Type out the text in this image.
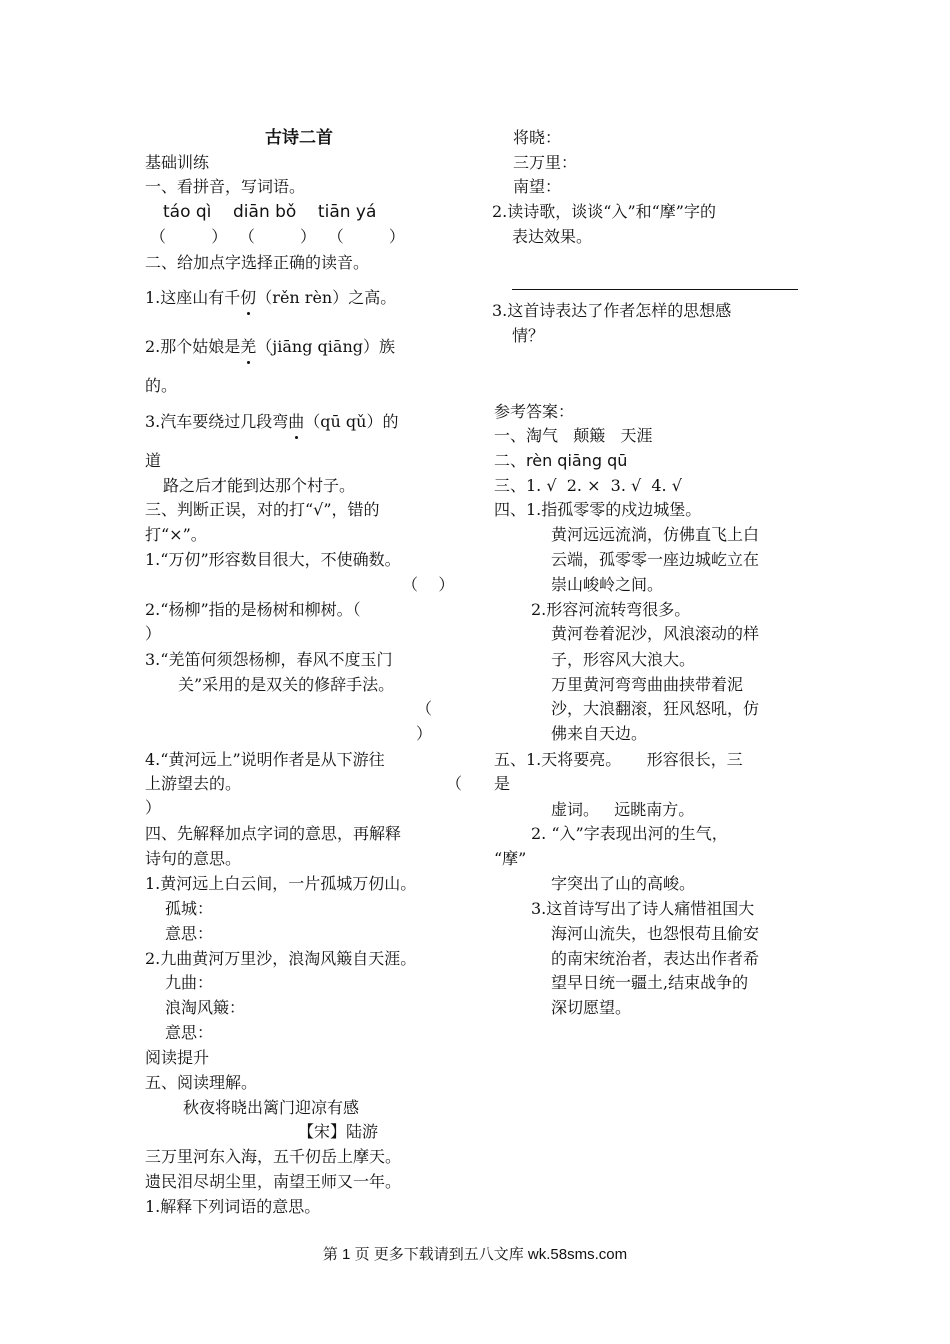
古诗二首
基础训练
一、看拼音，写词语。
táo qì    diān bǒ    tiān yá
（        ）  （        ）  （        ）
二、给加点字选择正确的读音。
1.这座山有千仞（rěn rèn）之高。
2.那个姑娘是羌（jiāng qiāng）族
的。
3.汽车要绕过几段弯曲（qū qǔ）的
道
路之后才能到达那个村子。
三、判断正误，对的打“√”，错的
打“×”。
1.“万仞”形容数目很大，不使确数。
（    ）
2.“杨柳”指的是杨树和柳树。（
）
3.“羌笛何须怨杨柳，春风不度玉门
关”采用的是双关的修辞手法。
（
）
4.“黄河远上”说明作者是从下游往
上游望去的。	（
）
四、先解释加点字词的意思，再解释
诗句的意思。
1.黄河远上白云间，一片孤城万仞山。
孤城：
意思：
2.九曲黄河万里沙，浪淘风簸自天涯。
九曲：
浪淘风簸：
意思：
阅读提升
五、阅读理解。
秋夜将晓出篱门迎凉有感
【宋】陆游
三万里河东入海，五千仞岳上摩天。
遗民泪尽胡尘里，南望王师又一年。
1.解释下列词语的意思。
将晓：
三万里：
南望：
2.读诗歌，谈谈“入”和“摩”字的
表达效果。
3.这首诗表达了作者怎样的思想感
情？
参考答案：
一、淘气   颠簸   天涯
二、rèn qiāng qū
三、1. √  2. ×  3. √  4. √
四、1.指孤零零的戍边城堡。
黄河远远流淌，仿佛直飞上白
云端，孤零零一座边城屹立在
崇山峻岭之间。
2.形容河流转弯很多。
黄河卷着泥沙，风浪滚动的样
子，形容风大浪大。
万里黄河弯弯曲曲挟带着泥
沙，大浪翻滚，狂风怒吼，仿
佛来自天边。
五、1.天将要亮。     形容很长，三
是
虚词。   远眺南方。
2. “入”字表现出河的生气，
“摩”
字突出了山的高峻。
3.这首诗写出了诗人痛惜祖国大
海河山流失，也怨恨苟且偷安
的南宋统治者，表达出作者希
望早日统一疆土,结束战争的
深切愿望。
第 1 页 更多下载请到五八文库 wk.58sms.com
